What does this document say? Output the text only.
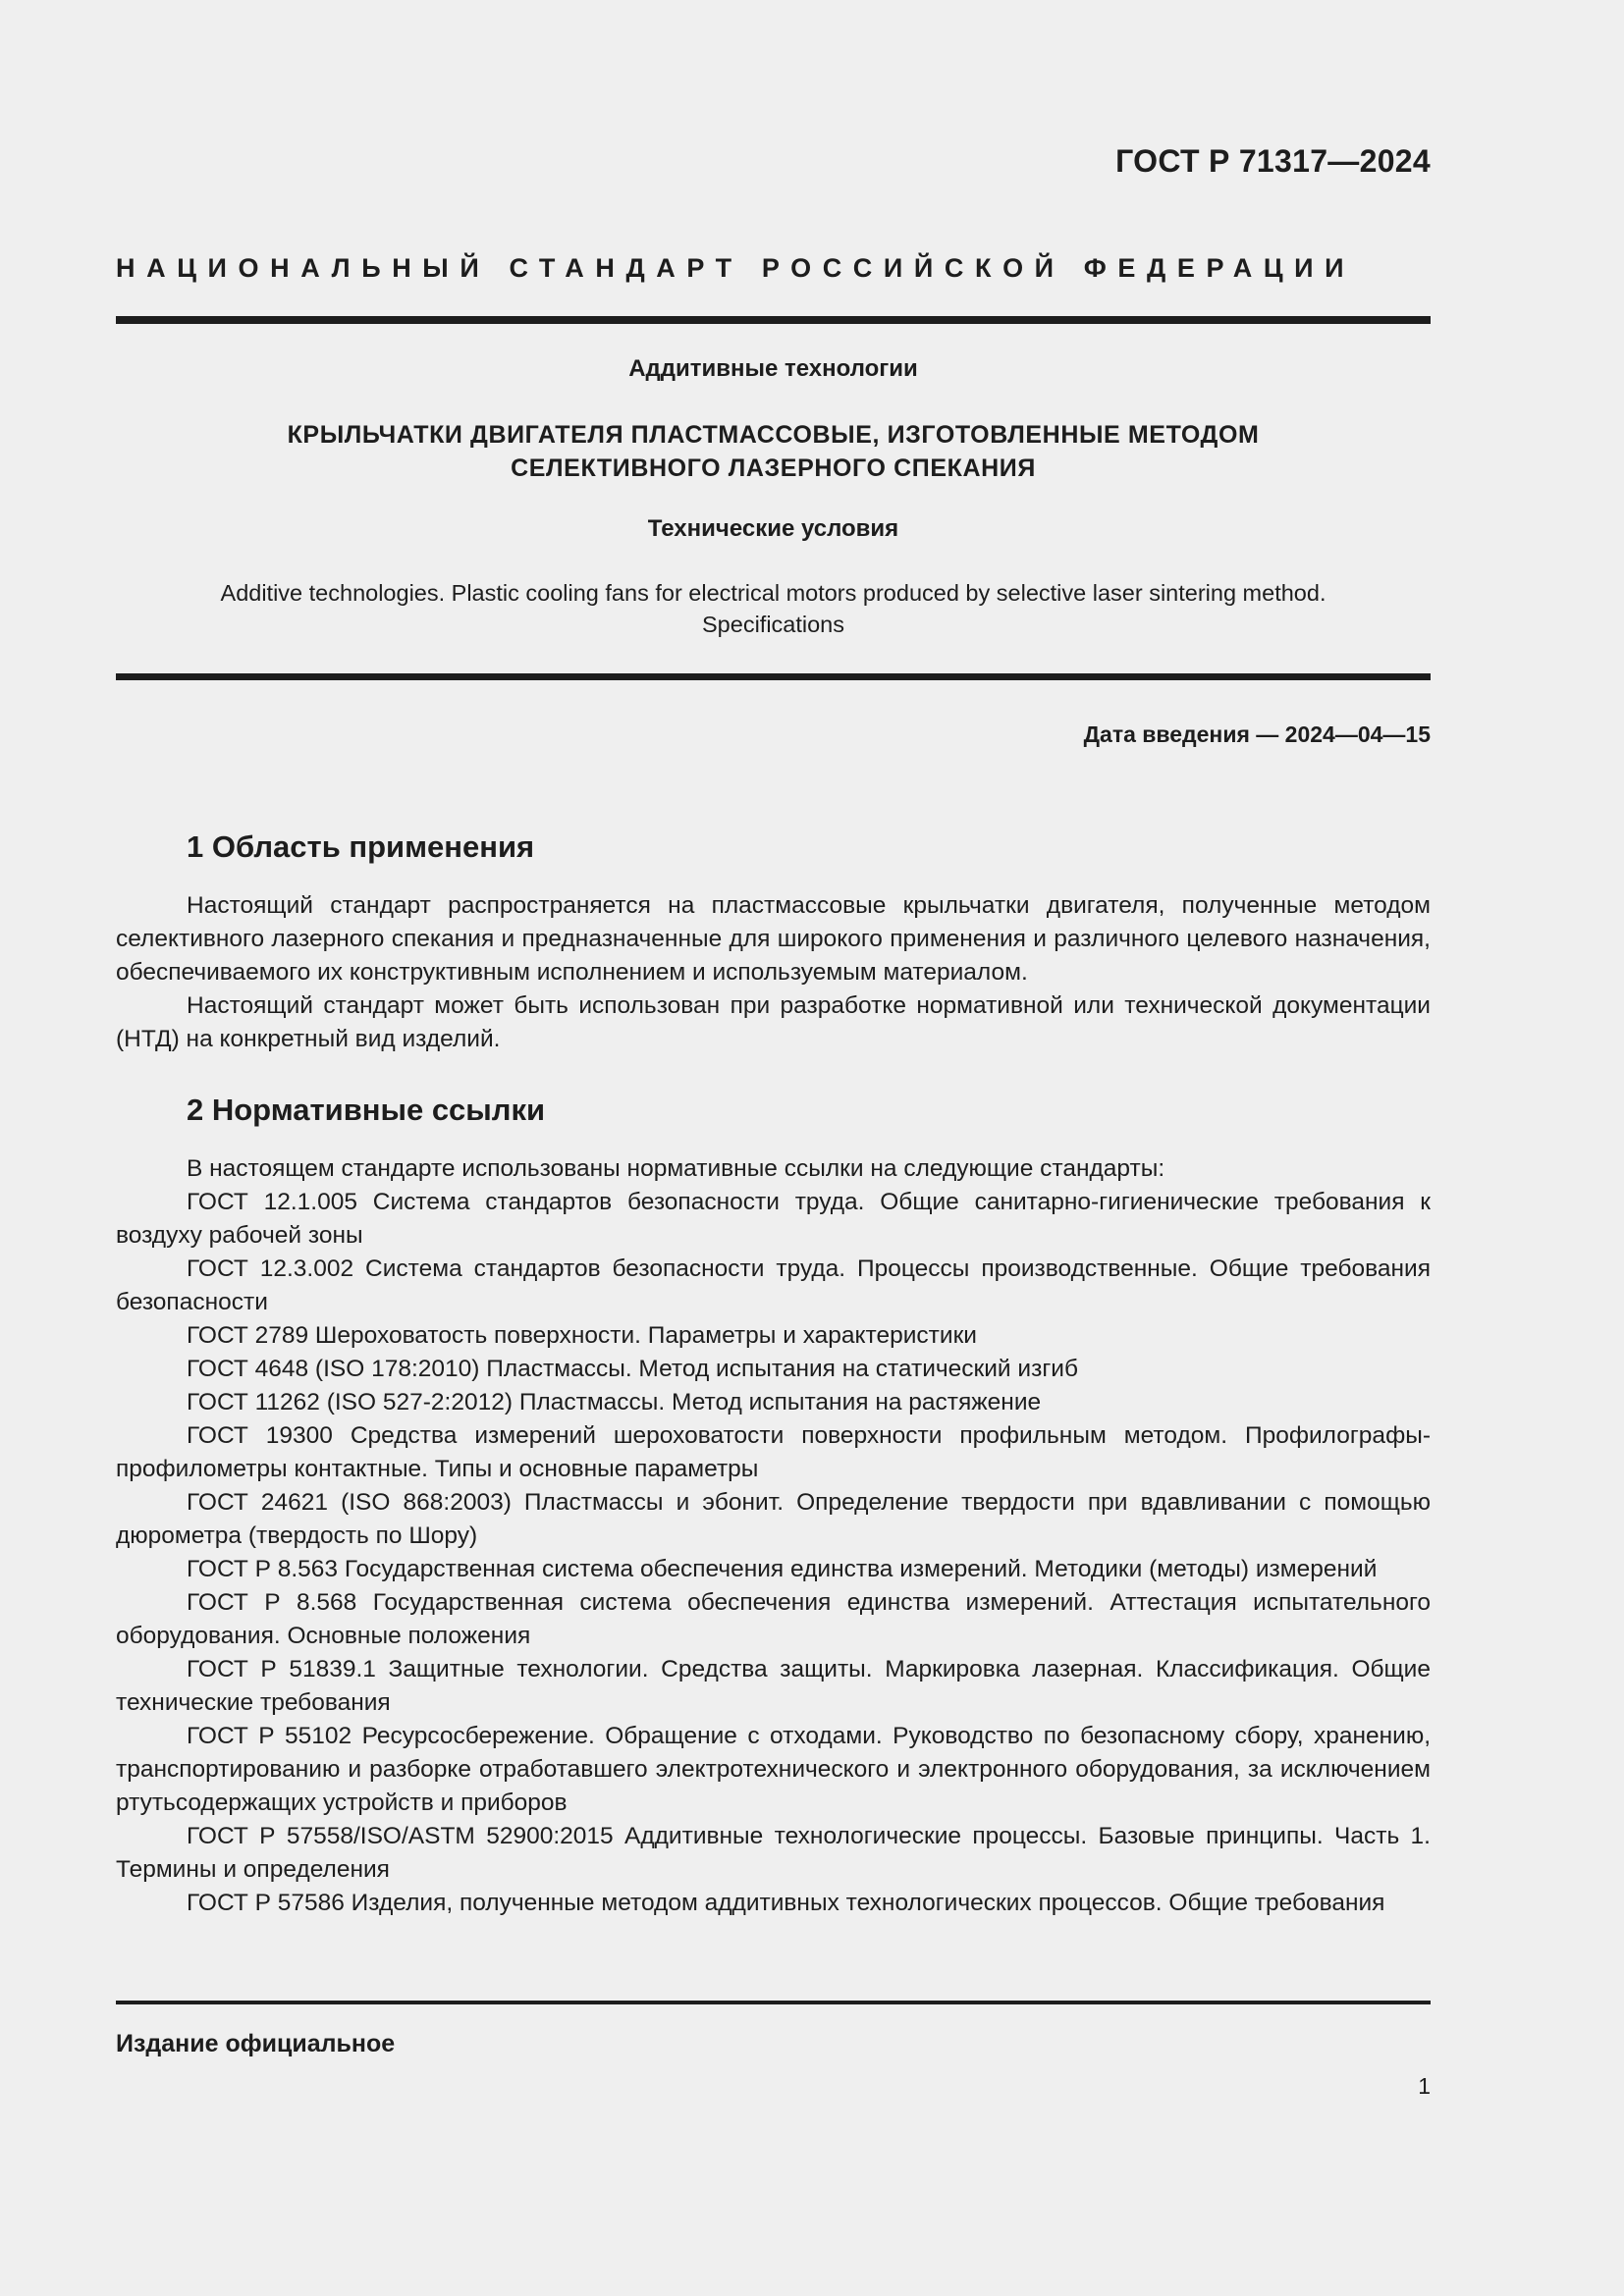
ГОСТ Р 71317—2024
НАЦИОНАЛЬНЫЙ СТАНДАРТ РОССИЙСКОЙ ФЕДЕРАЦИИ
Аддитивные технологии
КРЫЛЬЧАТКИ ДВИГАТЕЛЯ ПЛАСТМАССОВЫЕ, ИЗГОТОВЛЕННЫЕ МЕТОДОМ
СЕЛЕКТИВНОГО ЛАЗЕРНОГО СПЕКАНИЯ
Технические условия
Additive technologies. Plastic cooling fans for electrical motors produced by selective laser sintering method.
Specifications
Дата введения — 2024—04—15
1 Область применения

Настоящий стандарт распространяется на пластмассовые крыльчатки двигателя, полученные методом селективного лазерного спекания и предназначенные для широкого применения и различного целевого назначения, обеспечиваемого их конструктивным исполнением и используемым материалом.

Настоящий стандарт может быть использован при разработке нормативной или технической документации (НТД) на конкретный вид изделий.

2 Нормативные ссылки

В настоящем стандарте использованы нормативные ссылки на следующие стандарты:

ГОСТ 12.1.005 Система стандартов безопасности труда. Общие санитарно-гигиенические требования к воздуху рабочей зоны

ГОСТ 12.3.002 Система стандартов безопасности труда. Процессы производственные. Общие требования безопасности

ГОСТ 2789 Шероховатость поверхности. Параметры и характеристики

ГОСТ 4648 (ISO 178:2010) Пластмассы. Метод испытания на статический изгиб

ГОСТ 11262 (ISO 527-2:2012) Пластмассы. Метод испытания на растяжение

ГОСТ 19300 Средства измерений шероховатости поверхности профильным методом. Профилографы-профилометры контактные. Типы и основные параметры

ГОСТ 24621 (ISO 868:2003) Пластмассы и эбонит. Определение твердости при вдавливании с помощью дюрометра (твердость по Шору)

ГОСТ Р 8.563 Государственная система обеспечения единства измерений. Методики (методы) измерений

ГОСТ Р 8.568 Государственная система обеспечения единства измерений. Аттестация испытательного оборудования. Основные положения

ГОСТ Р 51839.1 Защитные технологии. Средства защиты. Маркировка лазерная. Классификация. Общие технические требования

ГОСТ Р 55102 Ресурсосбережение. Обращение с отходами. Руководство по безопасному сбору, хранению, транспортированию и разборке отработавшего электротехнического и электронного оборудования, за исключением ртутьсодержащих устройств и приборов

ГОСТ Р 57558/ISO/ASTM 52900:2015 Аддитивные технологические процессы. Базовые принципы. Часть 1. Термины и определения

ГОСТ Р 57586 Изделия, полученные методом аддитивных технологических процессов. Общие требования

Издание официальное
1
